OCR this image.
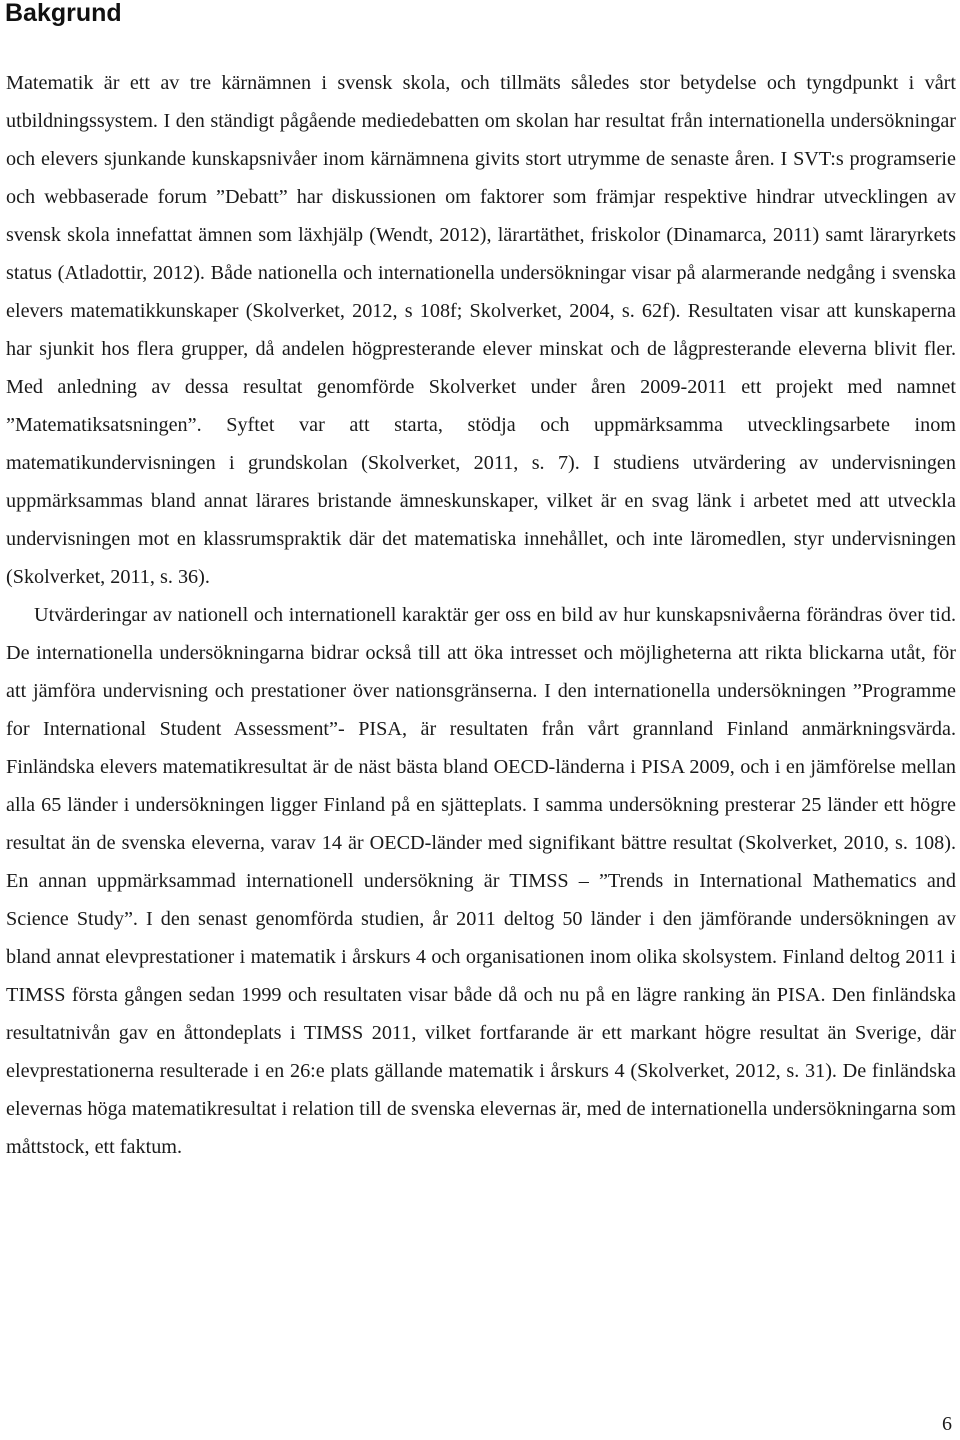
Bakgrund

Matematik är ett av tre kärnämnen i svensk skola, och tillmäts således stor betydelse och tyngdpunkt i vårt utbildningssystem. I den ständigt pågående mediedebatten om skolan har resultat från internationella undersökningar och elevers sjunkande kunskapsnivåer inom kärnämnena givits stort utrymme de senaste åren. I SVT:s programserie och webbaserade forum ”Debatt” har diskussionen om faktorer som främjar respektive hindrar utvecklingen av svensk skola innefattat ämnen som läxhjälp (Wendt, 2012), lärartäthet, friskolor (Dinamarca, 2011) samt läraryrkets status (Atladottir, 2012). Både nationella och internationella undersökningar visar på alarmerande nedgång i svenska elevers matematikkunskaper (Skolverket, 2012, s 108f; Skolverket, 2004, s. 62f). Resultaten visar att kunskaperna har sjunkit hos flera grupper, då andelen högpresterande elever minskat och de lågpresterande eleverna blivit fler. Med anledning av dessa resultat genomförde Skolverket under åren 2009-2011 ett projekt med namnet ”Matematiksatsningen”. Syftet var att starta, stödja och uppmärksamma utvecklingsarbete inom matematikundervisningen i grundskolan (Skolverket, 2011, s. 7). I studiens utvärdering av undervisningen uppmärksammas bland annat lärares bristande ämneskunskaper, vilket är en svag länk i arbetet med att utveckla undervisningen mot en klassrumspraktik där det matematiska innehållet, och inte läromedlen, styr undervisningen (Skolverket, 2011, s. 36).

Utvärderingar av nationell och internationell karaktär ger oss en bild av hur kunskapsnivåerna förändras över tid. De internationella undersökningarna bidrar också till att öka intresset och möjligheterna att rikta blickarna utåt, för att jämföra undervisning och prestationer över nationsgränserna. I den internationella undersökningen ”Programme for International Student Assessment”- PISA, är resultaten från vårt grannland Finland anmärkningsvärda. Finländska elevers matematikresultat är de näst bästa bland OECD-länderna i PISA 2009, och i en jämförelse mellan alla 65 länder i undersökningen ligger Finland på en sjätteplats. I samma undersökning presterar 25 länder ett högre resultat än de svenska eleverna, varav 14 är OECD-länder med signifikant bättre resultat (Skolverket, 2010, s. 108). En annan uppmärksammad internationell undersökning är TIMSS – ”Trends in International Mathematics and Science Study”. I den senast genomförda studien, år 2011 deltog 50 länder i den jämförande undersökningen av bland annat elevprestationer i matematik i årskurs 4 och organisationen inom olika skolsystem. Finland deltog 2011 i TIMSS första gången sedan 1999 och resultaten visar både då och nu på en lägre ranking än PISA. Den finländska resultatnivån gav en åttondeplats i TIMSS 2011, vilket fortfarande är ett markant högre resultat än Sverige, där elevprestationerna resulterade i en 26:e plats gällande matematik i årskurs 4 (Skolverket, 2012, s. 31). De finländska elevernas höga matematikresultat i relation till de svenska elevernas är, med de internationella undersökningarna som måttstock, ett faktum.

6
